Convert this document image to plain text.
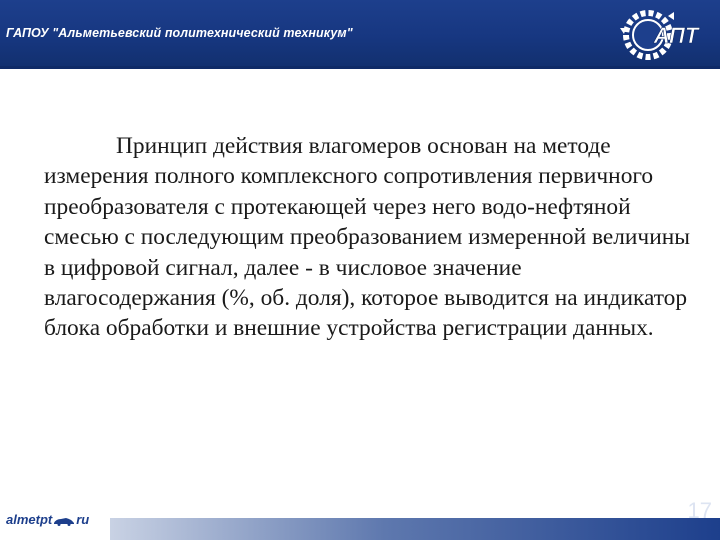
ГАПОУ "Альметьевский политехнический техникум"	АПТ

Принцип действия влагомеров основан на методе измерения полного комплексного сопротивления первичного преобразователя с протекающей через него водо-нефтяной смесью с последующим преобразованием измеренной величины в цифровой сигнал, далее - в числовое значение влагосодержания (%, об. доля), которое выводится на индикатор блока обработки и внешние устройства регистрации данных.

almetpt ru	17
